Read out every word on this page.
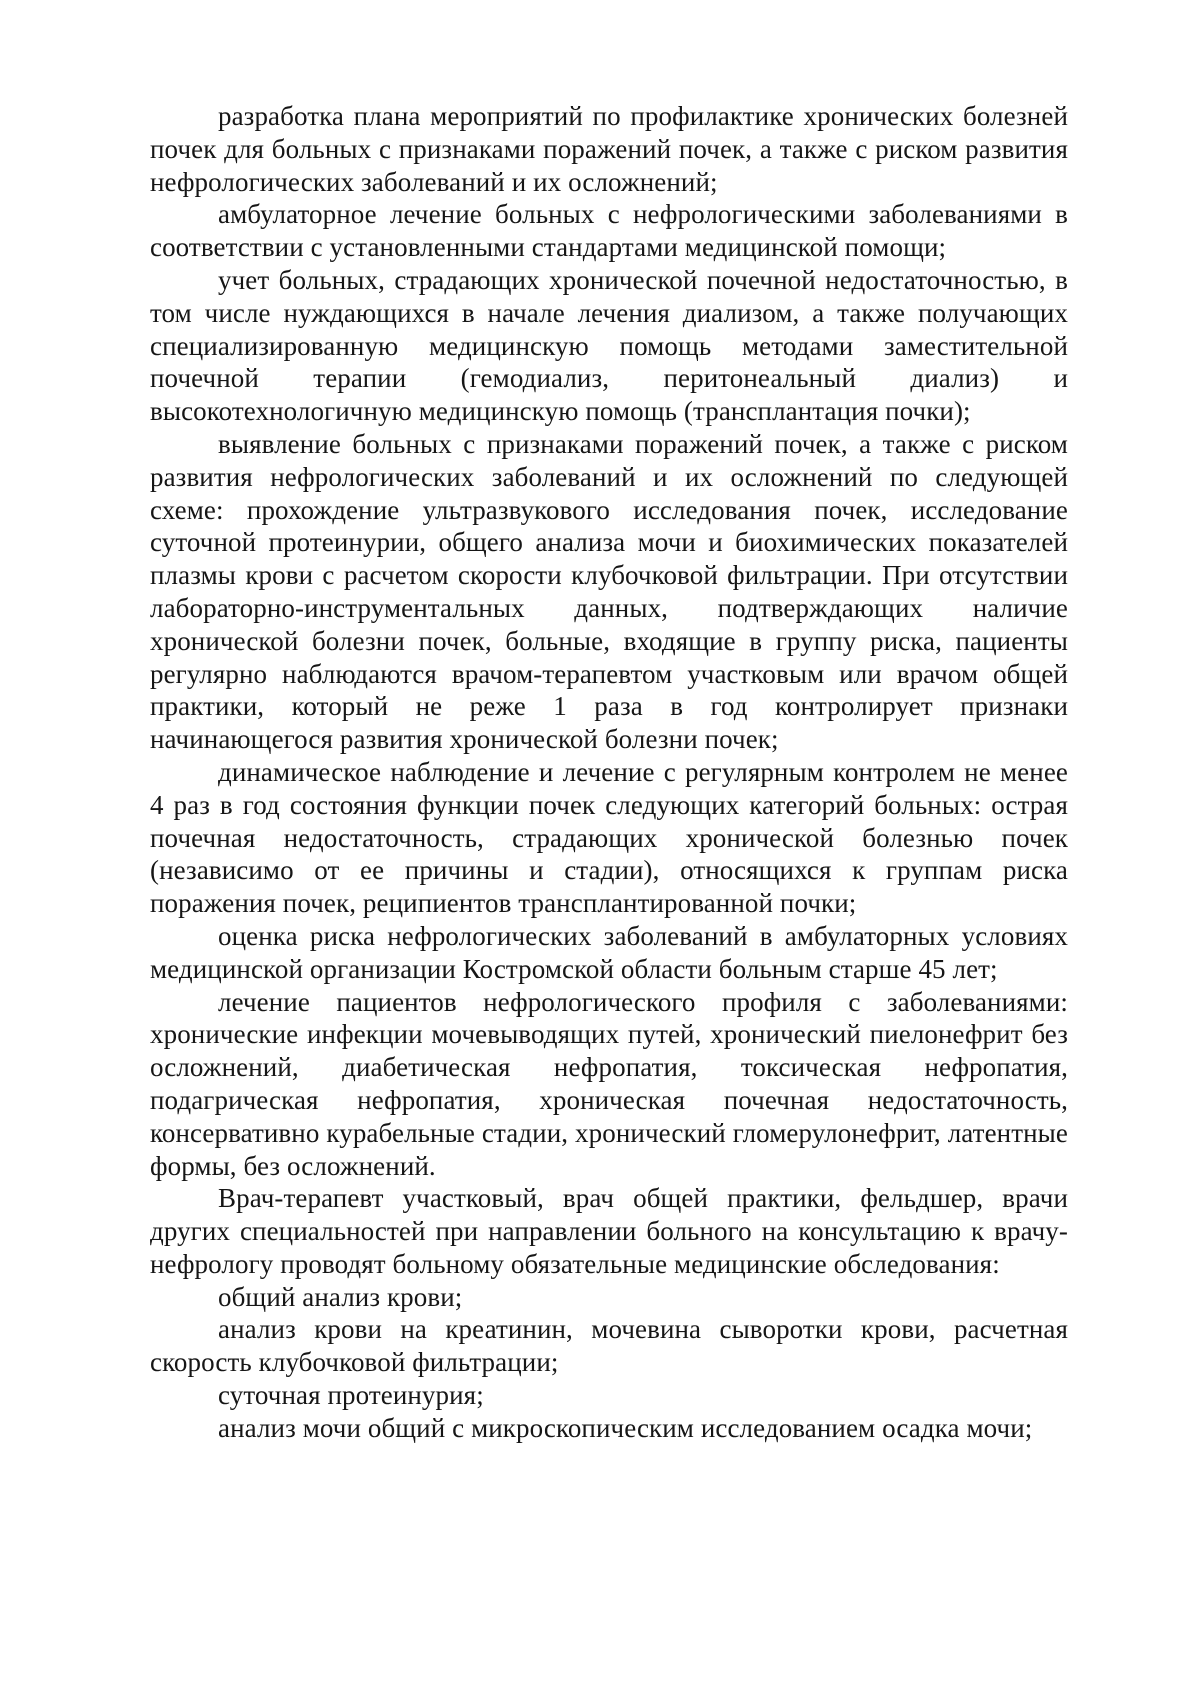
разработка плана мероприятий по профилактике хронических болезней почек для больных с признаками поражений почек, а также с риском развития нефрологических заболеваний и их осложнений;

амбулаторное лечение больных с нефрологическими заболеваниями в соответствии с установленными стандартами медицинской помощи;

учет больных, страдающих хронической почечной недостаточностью, в том числе нуждающихся в начале лечения диализом, а также получающих специализированную медицинскую помощь методами заместительной почечной терапии (гемодиализ, перитонеальный диализ) и высокотехнологичную медицинскую помощь (трансплантация почки);

выявление больных с признаками поражений почек, а также с риском развития нефрологических заболеваний и их осложнений по следующей схеме: прохождение ультразвукового исследования почек, исследование суточной протеинурии, общего анализа мочи и биохимических показателей плазмы крови с расчетом скорости клубочковой фильтрации. При отсутствии лабораторно-инструментальных данных, подтверждающих наличие хронической болезни почек, больные, входящие в группу риска, пациенты регулярно наблюдаются врачом-терапевтом участковым или врачом общей практики, который не реже 1 раза в год контролирует признаки начинающегося развития хронической болезни почек;

динамическое наблюдение и лечение с регулярным контролем не менее 4 раз в год состояния функции почек следующих категорий больных: острая почечная недостаточность, страдающих хронической болезнью почек (независимо от ее причины и стадии), относящихся к группам риска поражения почек, реципиентов трансплантированной почки;

оценка риска нефрологических заболеваний в амбулаторных условиях медицинской организации Костромской области больным старше 45 лет;

лечение пациентов нефрологического профиля с заболеваниями: хронические инфекции мочевыводящих путей, хронический пиелонефрит без осложнений, диабетическая нефропатия, токсическая нефропатия, подагрическая нефропатия, хроническая почечная недостаточность, консервативно курабельные стадии, хронический гломерулонефрит, латентные формы, без осложнений.

Врач-терапевт участковый, врач общей практики, фельдшер, врачи других специальностей при направлении больного на консультацию к врачу-нефрологу проводят больному обязательные медицинские обследования:

общий анализ крови;

анализ крови на креатинин, мочевина сыворотки крови, расчетная скорость клубочковой фильтрации;

суточная протеинурия;

анализ мочи общий с микроскопическим исследованием осадка мочи;
